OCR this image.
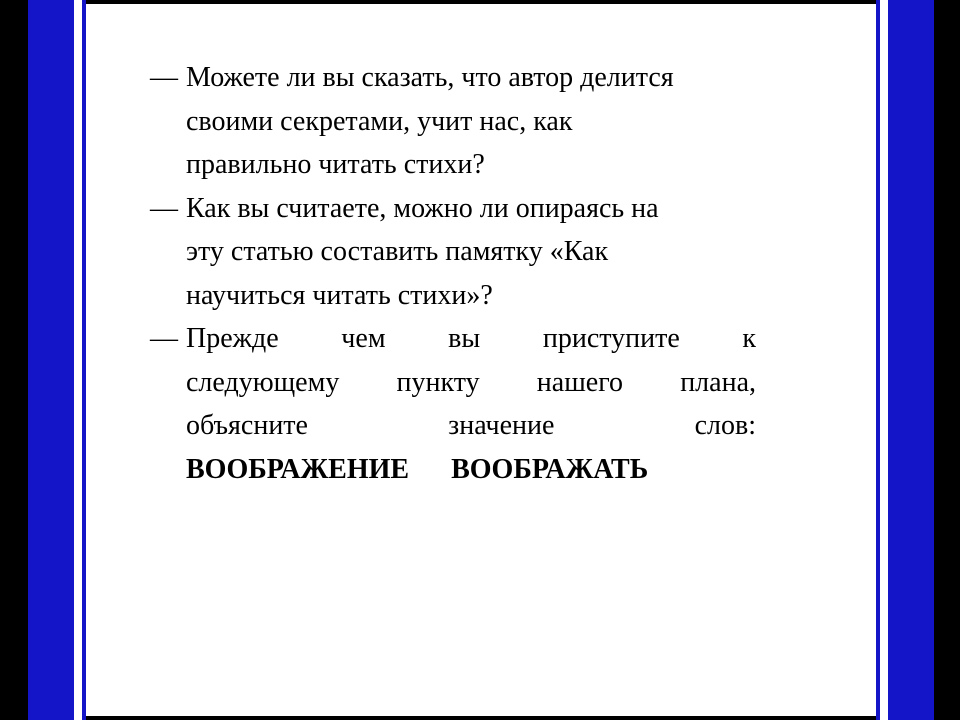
— Можете ли вы сказать, что автор делится
своими секретами, учит нас, как
правильно читать стихи?
— Как вы считаете, можно ли опираясь на
эту статью составить памятку «Как
научиться читать стихи»?
— Прежде чем вы приступите к
следующему пункту нашего плана,
объясните значение слов:
ВООБРАЖЕНИЕ ВООБРАЖАТЬ
